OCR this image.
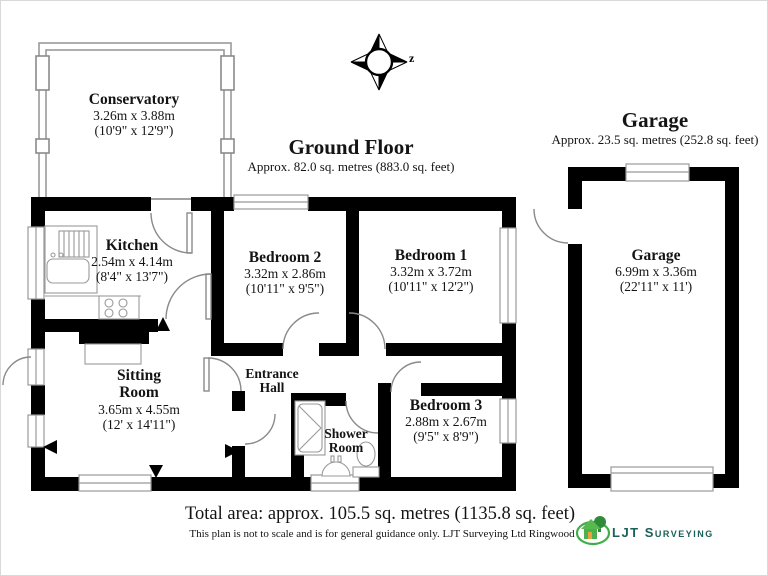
Conservatory
3.26m x 3.88m
(10'9" x 12'9")
Ground Floor
Approx. 82.0 sq. metres (883.0 sq. feet)
Garage
Approx. 23.5 sq. metres (252.8 sq. feet)
Kitchen
2.54m x 4.14m
(8'4" x 13'7")
Bedroom 2
3.32m x 2.86m
(10'11" x 9'5")
Bedroom 1
3.32m x 3.72m
(10'11" x 12'2")
Garage
6.99m x 3.36m
(22'11" x 11')
Sitting
Room
3.65m x 4.55m
(12' x 14'11")
Entrance
Hall
Shower
Room
Bedroom 3
2.88m x 2.67m
(9'5" x 8'9")
z
Total area: approx. 105.5 sq. metres (1135.8 sq. feet)
This plan is not to scale and is for general guidance only. LJT Surveying Ltd Ringwood	LJT Surveying
